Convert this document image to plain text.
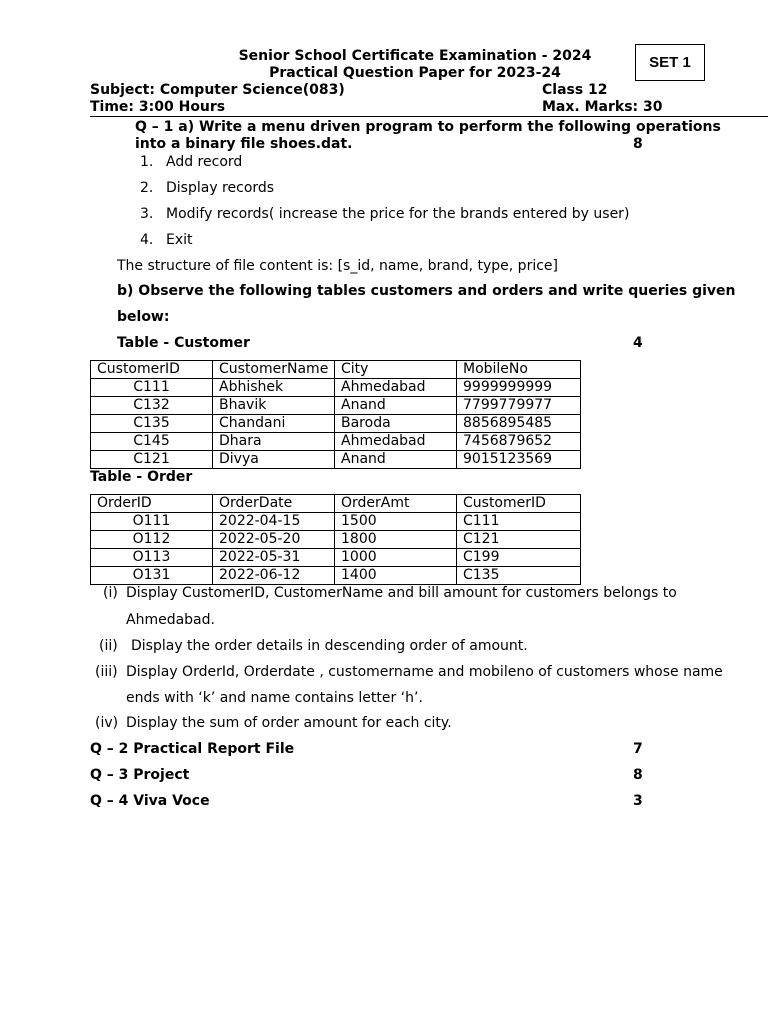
SET 1
Senior School Certificate Examination - 2024
Practical Question Paper for 2023-24
Subject: Computer Science(083)	Class 12
Time: 3:00 Hours	Max. Marks: 30
Q – 1 a) Write a menu driven program to perform the following operations
into a binary file shoes.dat.	8
1. Add record
2. Display records
3. Modify records( increase the price for the brands entered by user)
4. Exit
The structure of file content is: [s_id, name, brand, type, price]
b) Observe the following tables customers and orders and write queries given
below:
Table - Customer	4
CustomerID	CustomerName	City	MobileNo
C111	Abhishek	Ahmedabad	9999999999
C132	Bhavik	Anand	7799779977
C135	Chandani	Baroda	8856895485
C145	Dhara	Ahmedabad	7456879652
C121	Divya	Anand	9015123569
Table - Order
OrderID	OrderDate	OrderAmt	CustomerID
O111	2022-04-15	1500	C111
O112	2022-05-20	1800	C121
O113	2022-05-31	1000	C199
O131	2022-06-12	1400	C135
(i) Display CustomerID, CustomerName and bill amount for customers belongs to
Ahmedabad.
(ii) Display the order details in descending order of amount.
(iii) Display OrderId, Orderdate , customername and mobileno of customers whose name
ends with ‘k’ and name contains letter ‘h’.
(iv) Display the sum of order amount for each city.
Q – 2 Practical Report File	7
Q – 3 Project	8
Q – 4 Viva Voce	3
